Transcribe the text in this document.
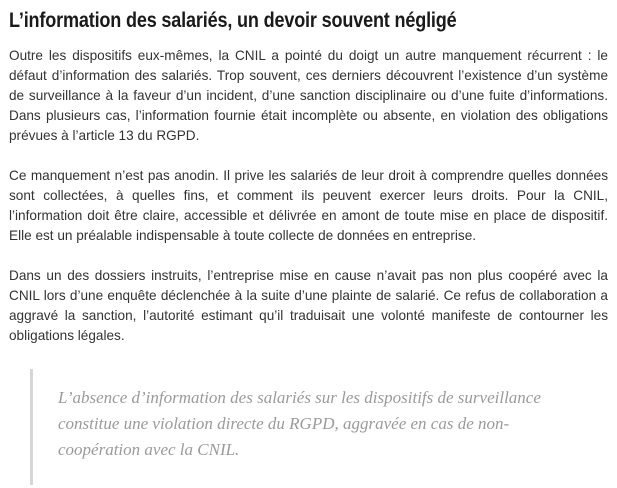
L’information des salariés, un devoir souvent négligé

Outre les dispositifs eux-mêmes, la CNIL a pointé du doigt un autre manquement récurrent : le défaut d’information des salariés. Trop souvent, ces derniers découvrent l’existence d’un système de surveillance à la faveur d’un incident, d’une sanction disciplinaire ou d’une fuite d’informations. Dans plusieurs cas, l’information fournie était incomplète ou absente, en violation des obligations prévues à l’article 13 du RGPD.

Ce manquement n’est pas anodin. Il prive les salariés de leur droit à comprendre quelles données sont collectées, à quelles fins, et comment ils peuvent exercer leurs droits. Pour la CNIL, l’information doit être claire, accessible et délivrée en amont de toute mise en place de dispositif. Elle est un préalable indispensable à toute collecte de données en entreprise.

Dans un des dossiers instruits, l’entreprise mise en cause n’avait pas non plus coopéré avec la CNIL lors d’une enquête déclenchée à la suite d’une plainte de salarié. Ce refus de collaboration a aggravé la sanction, l’autorité estimant qu’il traduisait une volonté manifeste de contourner les obligations légales.

L’absence d’information des salariés sur les dispositifs de surveillance constitue une violation directe du RGPD, aggravée en cas de non-coopération avec la CNIL.
